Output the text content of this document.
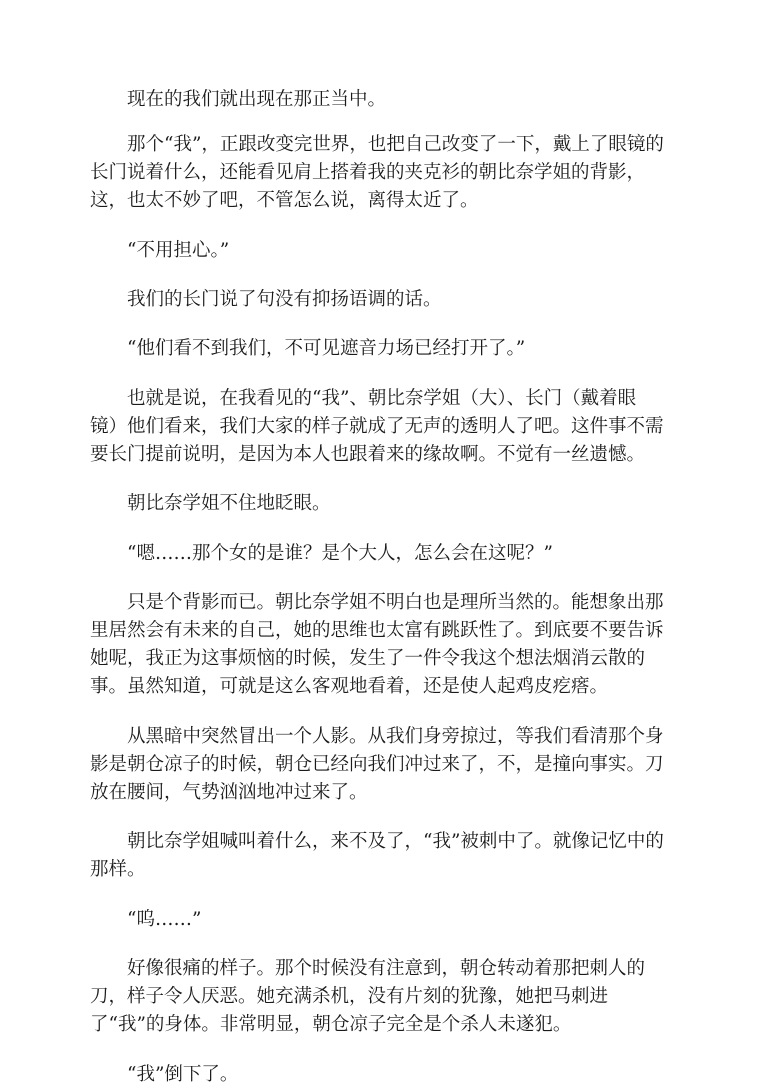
现在的我们就出现在那正当中。

那个“我”，正跟改变完世界，也把自己改变了一下，戴上了眼镜的
长门说着什么，还能看见肩上搭着我的夹克衫的朝比奈学姐的背影，
这，也太不妙了吧，不管怎么说，离得太近了。

“不用担心。”

我们的长门说了句没有抑扬语调的话。

“他们看不到我们，不可见遮音力场已经打开了。”

也就是说，在我看见的“我”、朝比奈学姐（大）、长门（戴着眼
镜）他们看来，我们大家的样子就成了无声的透明人了吧。这件事不需
要长门提前说明，是因为本人也跟着来的缘故啊。不觉有一丝遗憾。

朝比奈学姐不住地眨眼。

“嗯……那个女的是谁？是个大人，怎么会在这呢？”

只是个背影而已。朝比奈学姐不明白也是理所当然的。能想象出那
里居然会有未来的自己，她的思维也太富有跳跃性了。到底要不要告诉
她呢，我正为这事烦恼的时候，发生了一件令我这个想法烟消云散的
事。虽然知道，可就是这么客观地看着，还是使人起鸡皮疙瘩。

从黑暗中突然冒出一个人影。从我们身旁掠过，等我们看清那个身
影是朝仓凉子的时候，朝仓已经向我们冲过来了，不，是撞向事实。刀
放在腰间，气势汹汹地冲过来了。

朝比奈学姐喊叫着什么，来不及了，“我”被刺中了。就像记忆中的
那样。

“呜……”

好像很痛的样子。那个时候没有注意到，朝仓转动着那把刺人的
刀，样子令人厌恶。她充满杀机，没有片刻的犹豫，她把马刺进
了“我”的身体。非常明显，朝仓凉子完全是个杀人未遂犯。

“我”倒下了。
